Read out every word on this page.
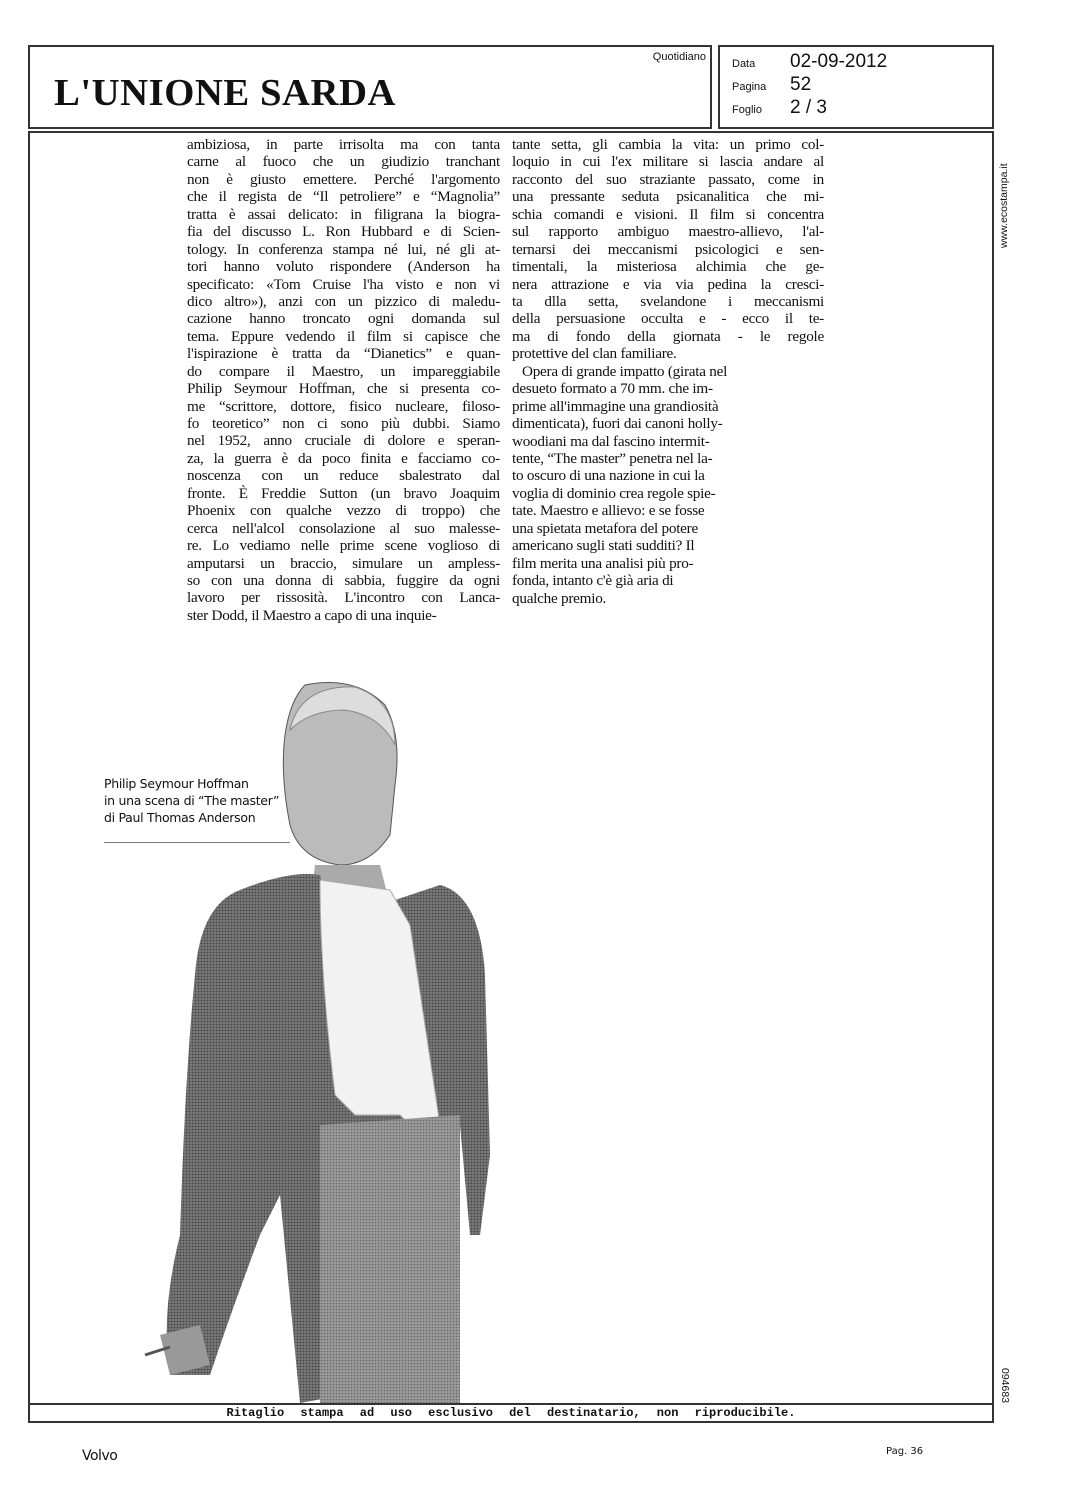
L'UNIONE SARDA
Quotidiano
Data 02-09-2012
Pagina 52
Foglio 2 / 3
Ritaglio stampa ad uso esclusivo del destinatario, non riproducibile.
ambiziosa, in parte irrisolta ma con tanta
carne al fuoco che un giudizio tranchant
non è giusto emettere. Perché l'argomento
che il regista de “Il petroliere” e “Magnolia”
tratta è assai delicato: in filigrana la biogra-
fia del discusso L. Ron Hubbard e di Scien-
tology. In conferenza stampa né lui, né gli at-
tori hanno voluto rispondere (Anderson ha
specificato: «Tom Cruise l'ha visto e non vi
dico altro»), anzi con un pizzico di maledu-
cazione hanno troncato ogni domanda sul
tema. Eppure vedendo il film si capisce che
l'ispirazione è tratta da “Dianetics” e quan-
do compare il Maestro, un impareggiabile
Philip Seymour Hoffman, che si presenta co-
me “scrittore, dottore, fisico nucleare, filoso-
fo teoretico” non ci sono più dubbi. Siamo
nel 1952, anno cruciale di dolore e speran-
za, la guerra è da poco finita e facciamo co-
noscenza con un reduce sbalestrato dal
fronte. È Freddie Sutton (un bravo Joaquim
Phoenix con qualche vezzo di troppo) che
cerca nell'alcol consolazione al suo malesse-
re. Lo vediamo nelle prime scene voglioso di
amputarsi un braccio, simulare un ampless-
so con una donna di sabbia, fuggire da ogni
lavoro per rissosità. L'incontro con Lanca-
ster Dodd, il Maestro a capo di una inquie-
tante setta, gli cambia la vita: un primo col-
loquio in cui l'ex militare si lascia andare al
racconto del suo straziante passato, come in
una pressante seduta psicanalitica che mi-
schia comandi e visioni. Il film si concentra
sul rapporto ambiguo maestro-allievo, l'al-
ternarsi dei meccanismi psicologici e sen-
timentali, la misteriosa alchimia che ge-
nera attrazione e via via pedina la cresci-
ta dlla setta, svelandone i meccanismi
della persuasione occulta e - ecco il te-
ma di fondo della giornata - le regole
protettive del clan familiare.
Opera di grande impatto (girata nel
desueto formato a 70 mm. che im-
prime all'immagine una grandiosità
dimenticata), fuori dai canoni holly-
woodiani ma dal fascino intermit-
tente, “The master” penetra nel la-
to oscuro di una nazione in cui la
voglia di dominio crea regole spie-
tate. Maestro e allievo: e se fosse
una spietata metafora del potere
americano sugli stati sudditi? Il
film merita una analisi più pro-
fonda, intanto c'è già aria di
qualche premio.
Philip Seymour Hoffman
in una scena di “The master”
di Paul Thomas Anderson
www.ecostampa.it
094683
Volvo	Pag. 36
